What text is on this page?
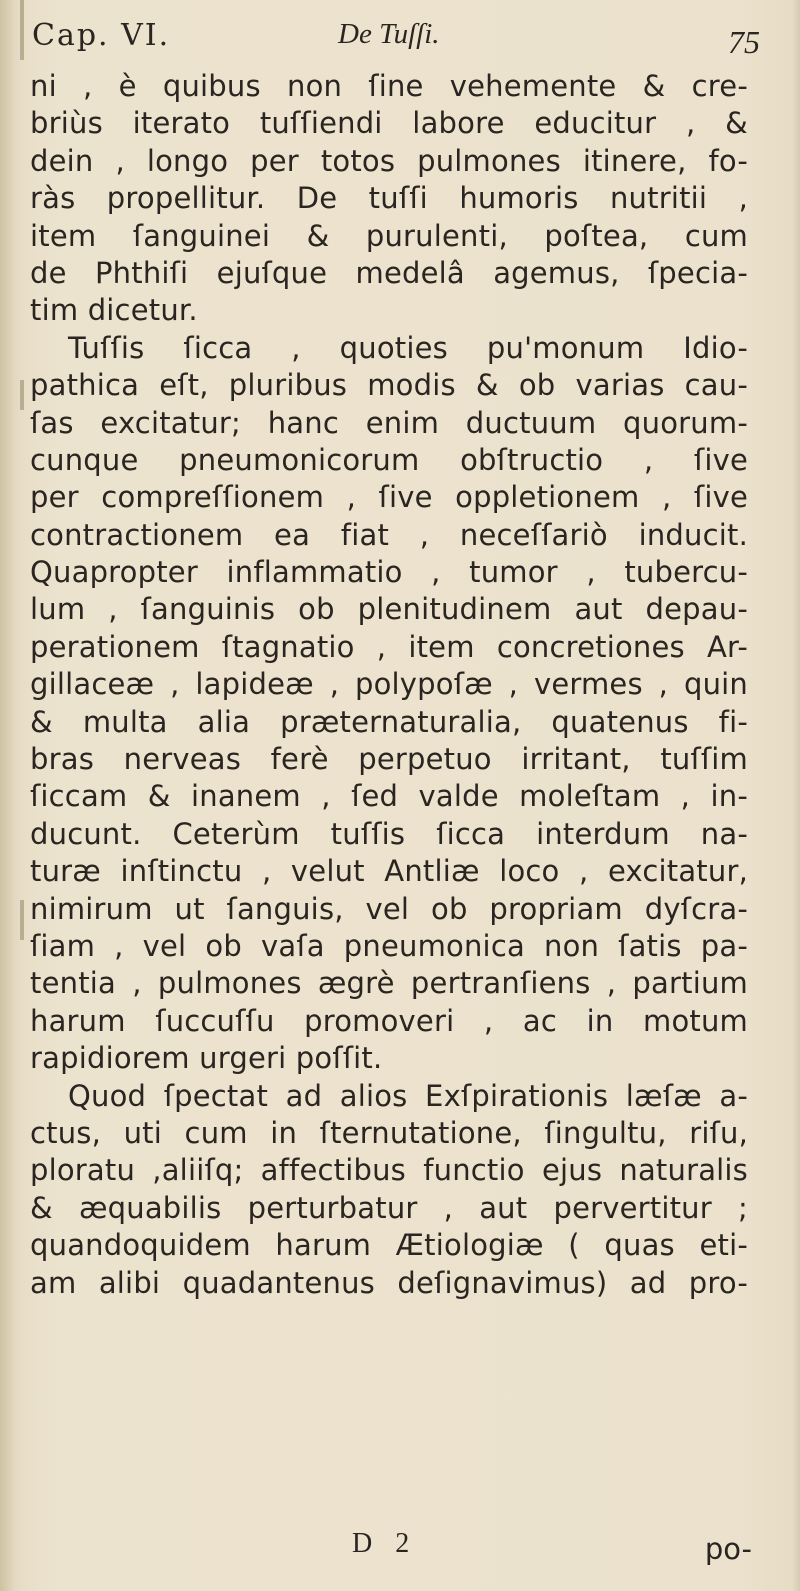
Cap. VI.	De Tuſſi.	75
ni , è quibus non ſine vehemente & cre-
briùs iterato tuſſiendi labore educitur , &
dein , longo per totos pulmones itinere, fo-
ràs propellitur. De tuſſi humoris nutritii ,
item ſanguinei & purulenti, poſtea, cum
de Phthiſi ejuſque medelâ agemus, ſpecia-
tim dicetur.
Tuſſis ſicca , quoties pu'monum Idio-
pathica eſt, pluribus modis & ob varias cau-
ſas excitatur; hanc enim ductuum quorum-
cunque pneumonicorum obſtructio , ſive
per compreſſionem , ſive oppletionem , ſive
contractionem ea fiat , neceſſariò inducit.
Quapropter inflammatio , tumor , tubercu-
lum , ſanguinis ob plenitudinem aut depau-
perationem ſtagnatio , item concretiones Ar-
gillaceæ , lapideæ , polypoſæ , vermes , quin
& multa alia præternaturalia, quatenus fi-
bras nerveas ferè perpetuo irritant, tuſſim
ſiccam & inanem , ſed valde moleſtam , in-
ducunt. Ceterùm tuſſis ſicca interdum na-
turæ inſtinctu , velut Antliæ loco , excitatur,
nimirum ut ſanguis, vel ob propriam dyſcra-
ſiam , vel ob vaſa pneumonica non ſatis pa-
tentia , pulmones ægrè pertranſiens , partium
harum ſuccuſſu promoveri , ac in motum
rapidiorem urgeri poſſit.
Quod ſpectat ad alios Exſpirationis læſæ a-
ctus, uti cum in ſternutatione, ſingultu, riſu,
ploratu ,aliiſq; affectibus functio ejus naturalis
& æquabilis perturbatur , aut pervertitur ;
quandoquidem harum Ætiologiæ ( quas eti-
am alibi quadantenus deſignavimus) ad pro-
D 2	po-
